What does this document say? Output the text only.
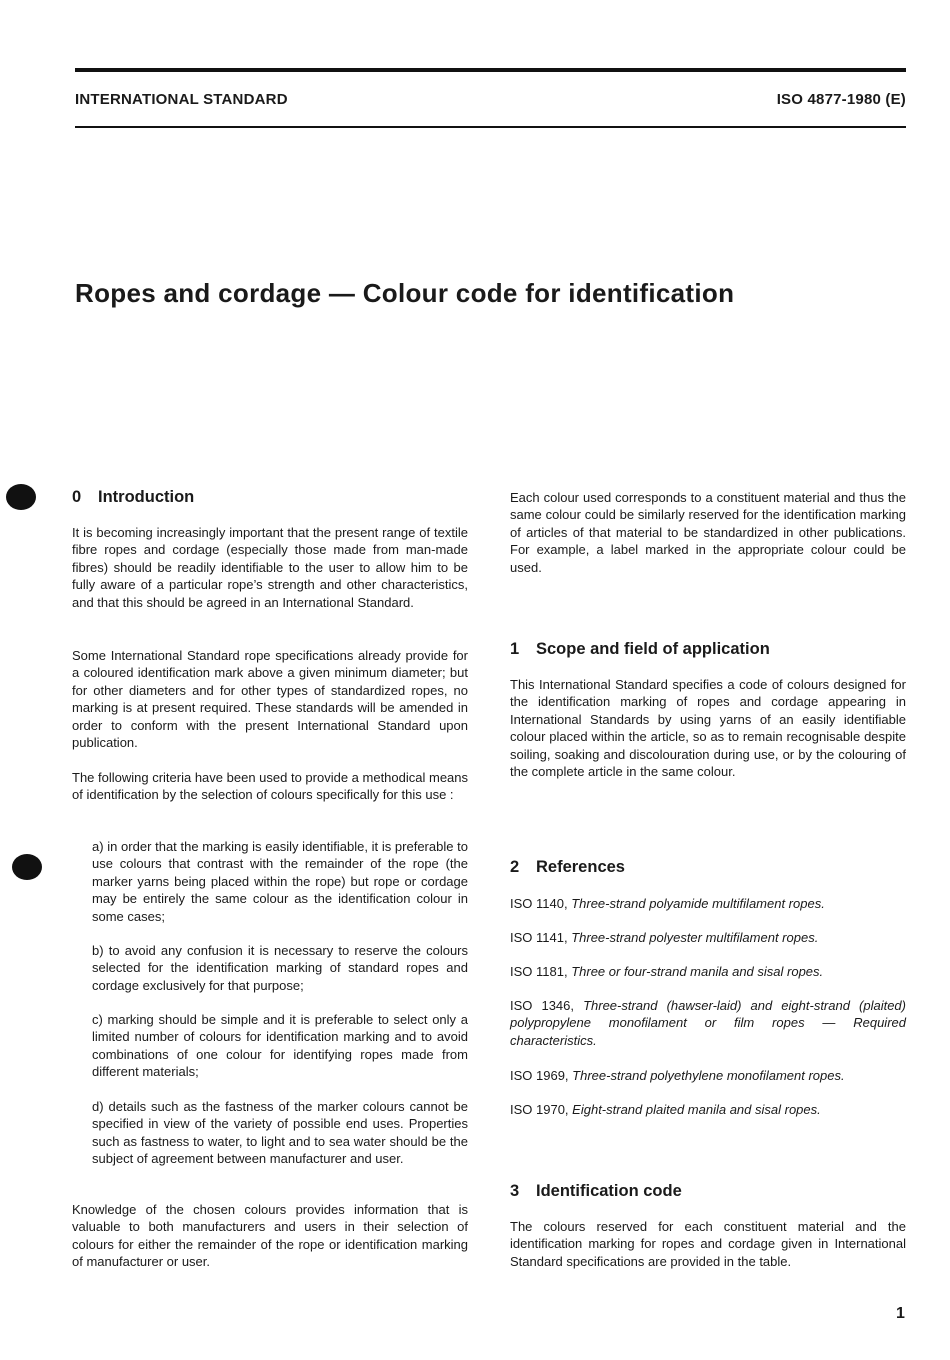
INTERNATIONAL STANDARD	ISO 4877-1980 (E)
Ropes and cordage — Colour code for identification
0 Introduction
It is becoming increasingly important that the present range of textile fibre ropes and cordage (especially those made from man-made fibres) should be readily identifiable to the user to allow him to be fully aware of a particular rope’s strength and other characteristics, and that this should be agreed in an International Standard.
Some International Standard rope specifications already provide for a coloured identification mark above a given minimum diameter; but for other diameters and for other types of standardized ropes, no marking is at present required. These standards will be amended in order to conform with the present International Standard upon publication.
The following criteria have been used to provide a methodical means of identification by the selection of colours specifically for this use :
a) in order that the marking is easily identifiable, it is preferable to use colours that contrast with the remainder of the rope (the marker yarns being placed within the rope) but rope or cordage may be entirely the same colour as the identification colour in some cases;
b) to avoid any confusion it is necessary to reserve the colours selected for the identification marking of standard ropes and cordage exclusively for that purpose;
c) marking should be simple and it is preferable to select only a limited number of colours for identification marking and to avoid combinations of one colour for identifying ropes made from different materials;
d) details such as the fastness of the marker colours cannot be specified in view of the variety of possible end uses. Properties such as fastness to water, to light and to sea water should be the subject of agreement between manufacturer and user.
Knowledge of the chosen colours provides information that is valuable to both manufacturers and users in their selection of colours for either the remainder of the rope or identification marking of manufacturer or user.
Each colour used corresponds to a constituent material and thus the same colour could be similarly reserved for the identification marking of articles of that material to be standardized in other publications. For example, a label marked in the appropriate colour could be used.
1 Scope and field of application
This International Standard specifies a code of colours designed for the identification marking of ropes and cordage appearing in International Standards by using yarns of an easily identifiable colour placed within the article, so as to remain recognisable despite soiling, soaking and discolouration during use, or by the colouring of the complete article in the same colour.
2 References
ISO 1140, Three-strand polyamide multifilament ropes.
ISO 1141, Three-strand polyester multifilament ropes.
ISO 1181, Three or four-strand manila and sisal ropes.
ISO 1346, Three-strand (hawser-laid) and eight-strand (plaited) polypropylene monofilament or film ropes — Required characteristics.
ISO 1969, Three-strand polyethylene monofilament ropes.
ISO 1970, Eight-strand plaited manila and sisal ropes.
3 Identification code
The colours reserved for each constituent material and the identification marking for ropes and cordage given in International Standard specifications are provided in the table.
1
